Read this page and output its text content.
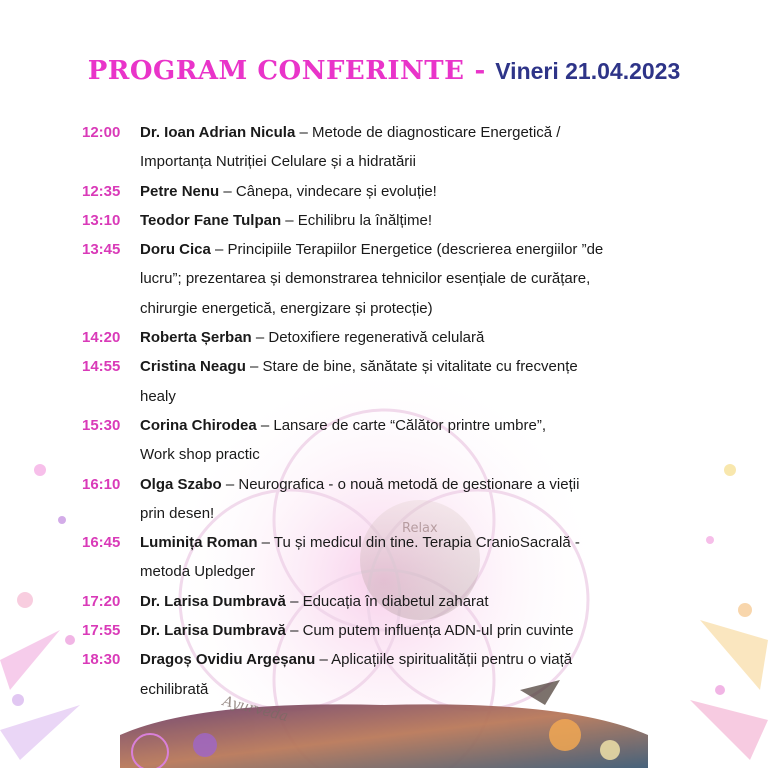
Relax
Ayurveda
PROGRAM CONFERINTE - Vineri 21.04.2023
12:00	Dr. Ioan Adrian Nicula – Metode de diagnosticare Energetică /
Importanța Nutriției Celulare și a hidratării
12:35	Petre Nenu – Cânepa, vindecare și evoluție!
13:10	Teodor Fane Tulpan – Echilibru la înălțime!
13:45	Doru Cica – Principiile Terapiilor Energetice (descrierea energiilor ”de
lucru”; prezentarea și demonstrarea tehnicilor esențiale de curățare,
chirurgie energetică, energizare și protecție)
14:20	Roberta Șerban – Detoxifiere regenerativă celulară
14:55	Cristina Neagu – Stare de bine, sănătate și vitalitate cu frecvențe
healy
15:30	Corina Chirodea – Lansare de carte “Călător printre umbre”,
Work shop practic
16:10	Olga Szabo – Neurografica - o nouă metodă de gestionare a vieții
prin desen!
16:45	Luminița Roman – Tu și medicul din tine. Terapia CranioSacrală -
metoda Upledger
17:20	Dr. Larisa Dumbravă – Educația în diabetul zaharat
17:55	Dr. Larisa Dumbravă – Cum putem influența ADN-ul prin cuvinte
18:30	Dragoș Ovidiu Argeșanu – Aplicațiile spiritualității pentru o viață
echilibrată
